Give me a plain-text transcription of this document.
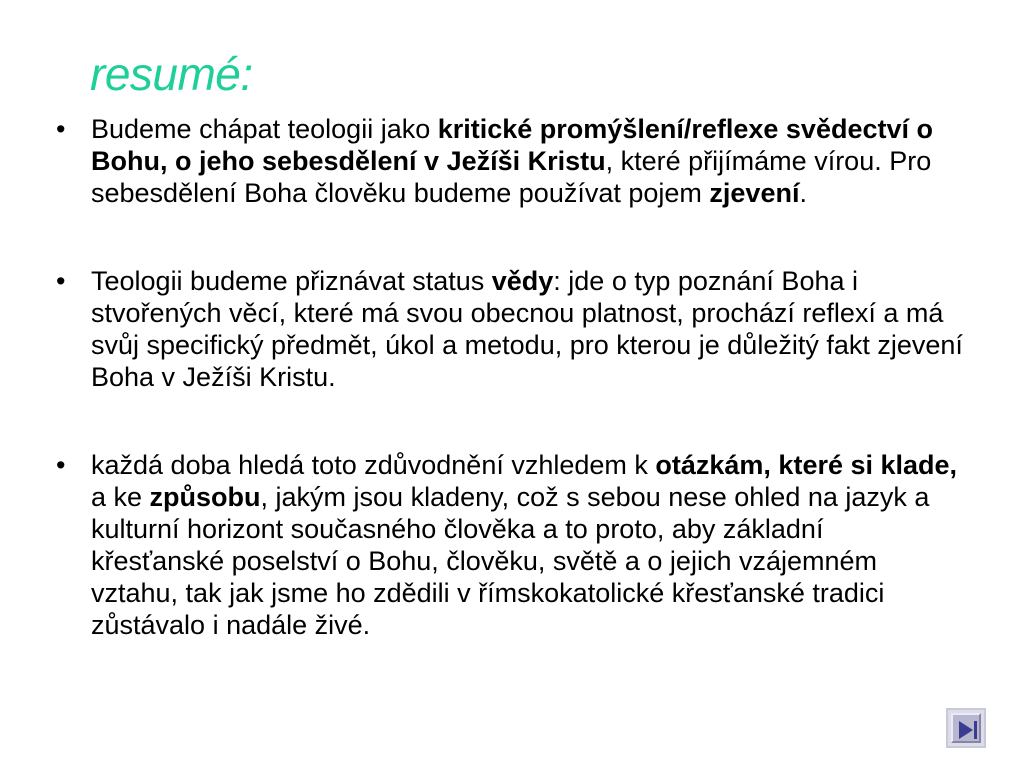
resumé:
• Budeme chápat teologii jako kritické promýšlení/reflexe svědectví o Bohu, o jeho sebesdělení v Ježíši Kristu, které přijímáme vírou. Pro sebesdělení Boha člověku budeme používat pojem zjevení.

• Teologii budeme přiznávat status vědy: jde o typ poznání Boha i stvořených věcí, které má svou obecnou platnost, prochází reflexí a má svůj specifický předmět, úkol a metodu, pro kterou je důležitý fakt zjevení Boha v Ježíši Kristu.

• každá doba hledá toto zdůvodnění vzhledem k otázkám, které si klade, a ke způsobu, jakým jsou kladeny, což s sebou nese ohled na jazyk a kulturní horizont současného člověka a to proto, aby základní křesťanské poselství o Bohu, člověku, světě a o jejich vzájemném vztahu, tak jak jsme ho zdědili v římskokatolické křesťanské tradici zůstávalo i nadále živé.
